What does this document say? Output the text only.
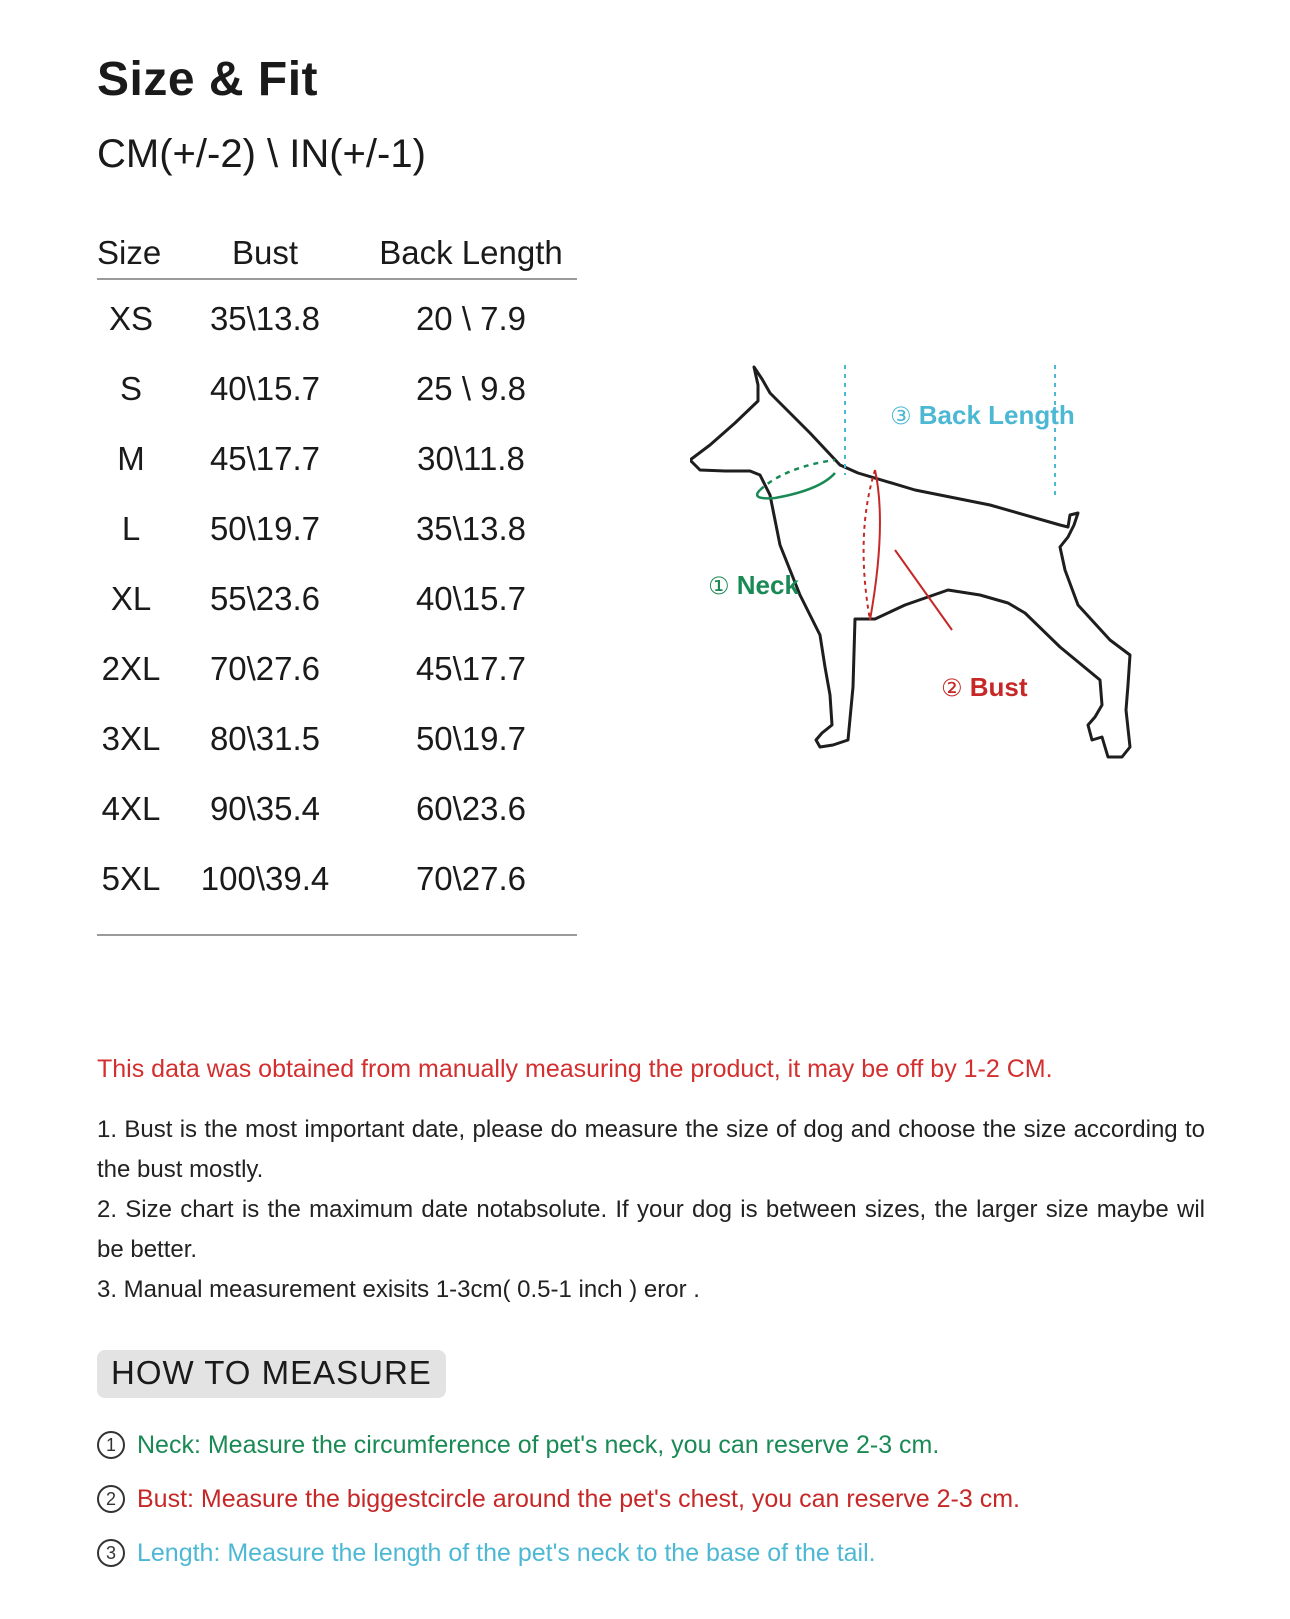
Size & Fit
CM(+/-2) \ IN(+/-1)
Size	Bust	Back Length
XS	35\13.8	20 \ 7.9
S	40\15.7	25 \ 9.8
M	45\17.7	30\11.8
L	50\19.7	35\13.8
XL	55\23.6	40\15.7
2XL	70\27.6	45\17.7
3XL	80\31.5	50\19.7
4XL	90\35.4	60\23.6
5XL	100\39.4	70\27.6
③ Back Length
① Neck
② Bust
This data was obtained from manually measuring the product, it may be off by 1-2 CM.

1. Bust is the most important date, please do measure the size of dog and choose the size according to the bust mostly.

2. Size chart is the maximum date notabsolute. If your dog is between sizes, the larger size maybe wil be better.

3. Manual measurement exisits 1-3cm( 0.5-1 inch ) eror .

HOW TO MEASURE
1 Neck: Measure the circumference of pet's neck, you can reserve 2-3 cm.
2 Bust: Measure the biggestcircle around the pet's chest, you can reserve 2-3 cm.
3 Length: Measure the length of the pet's neck to the base of the tail.
